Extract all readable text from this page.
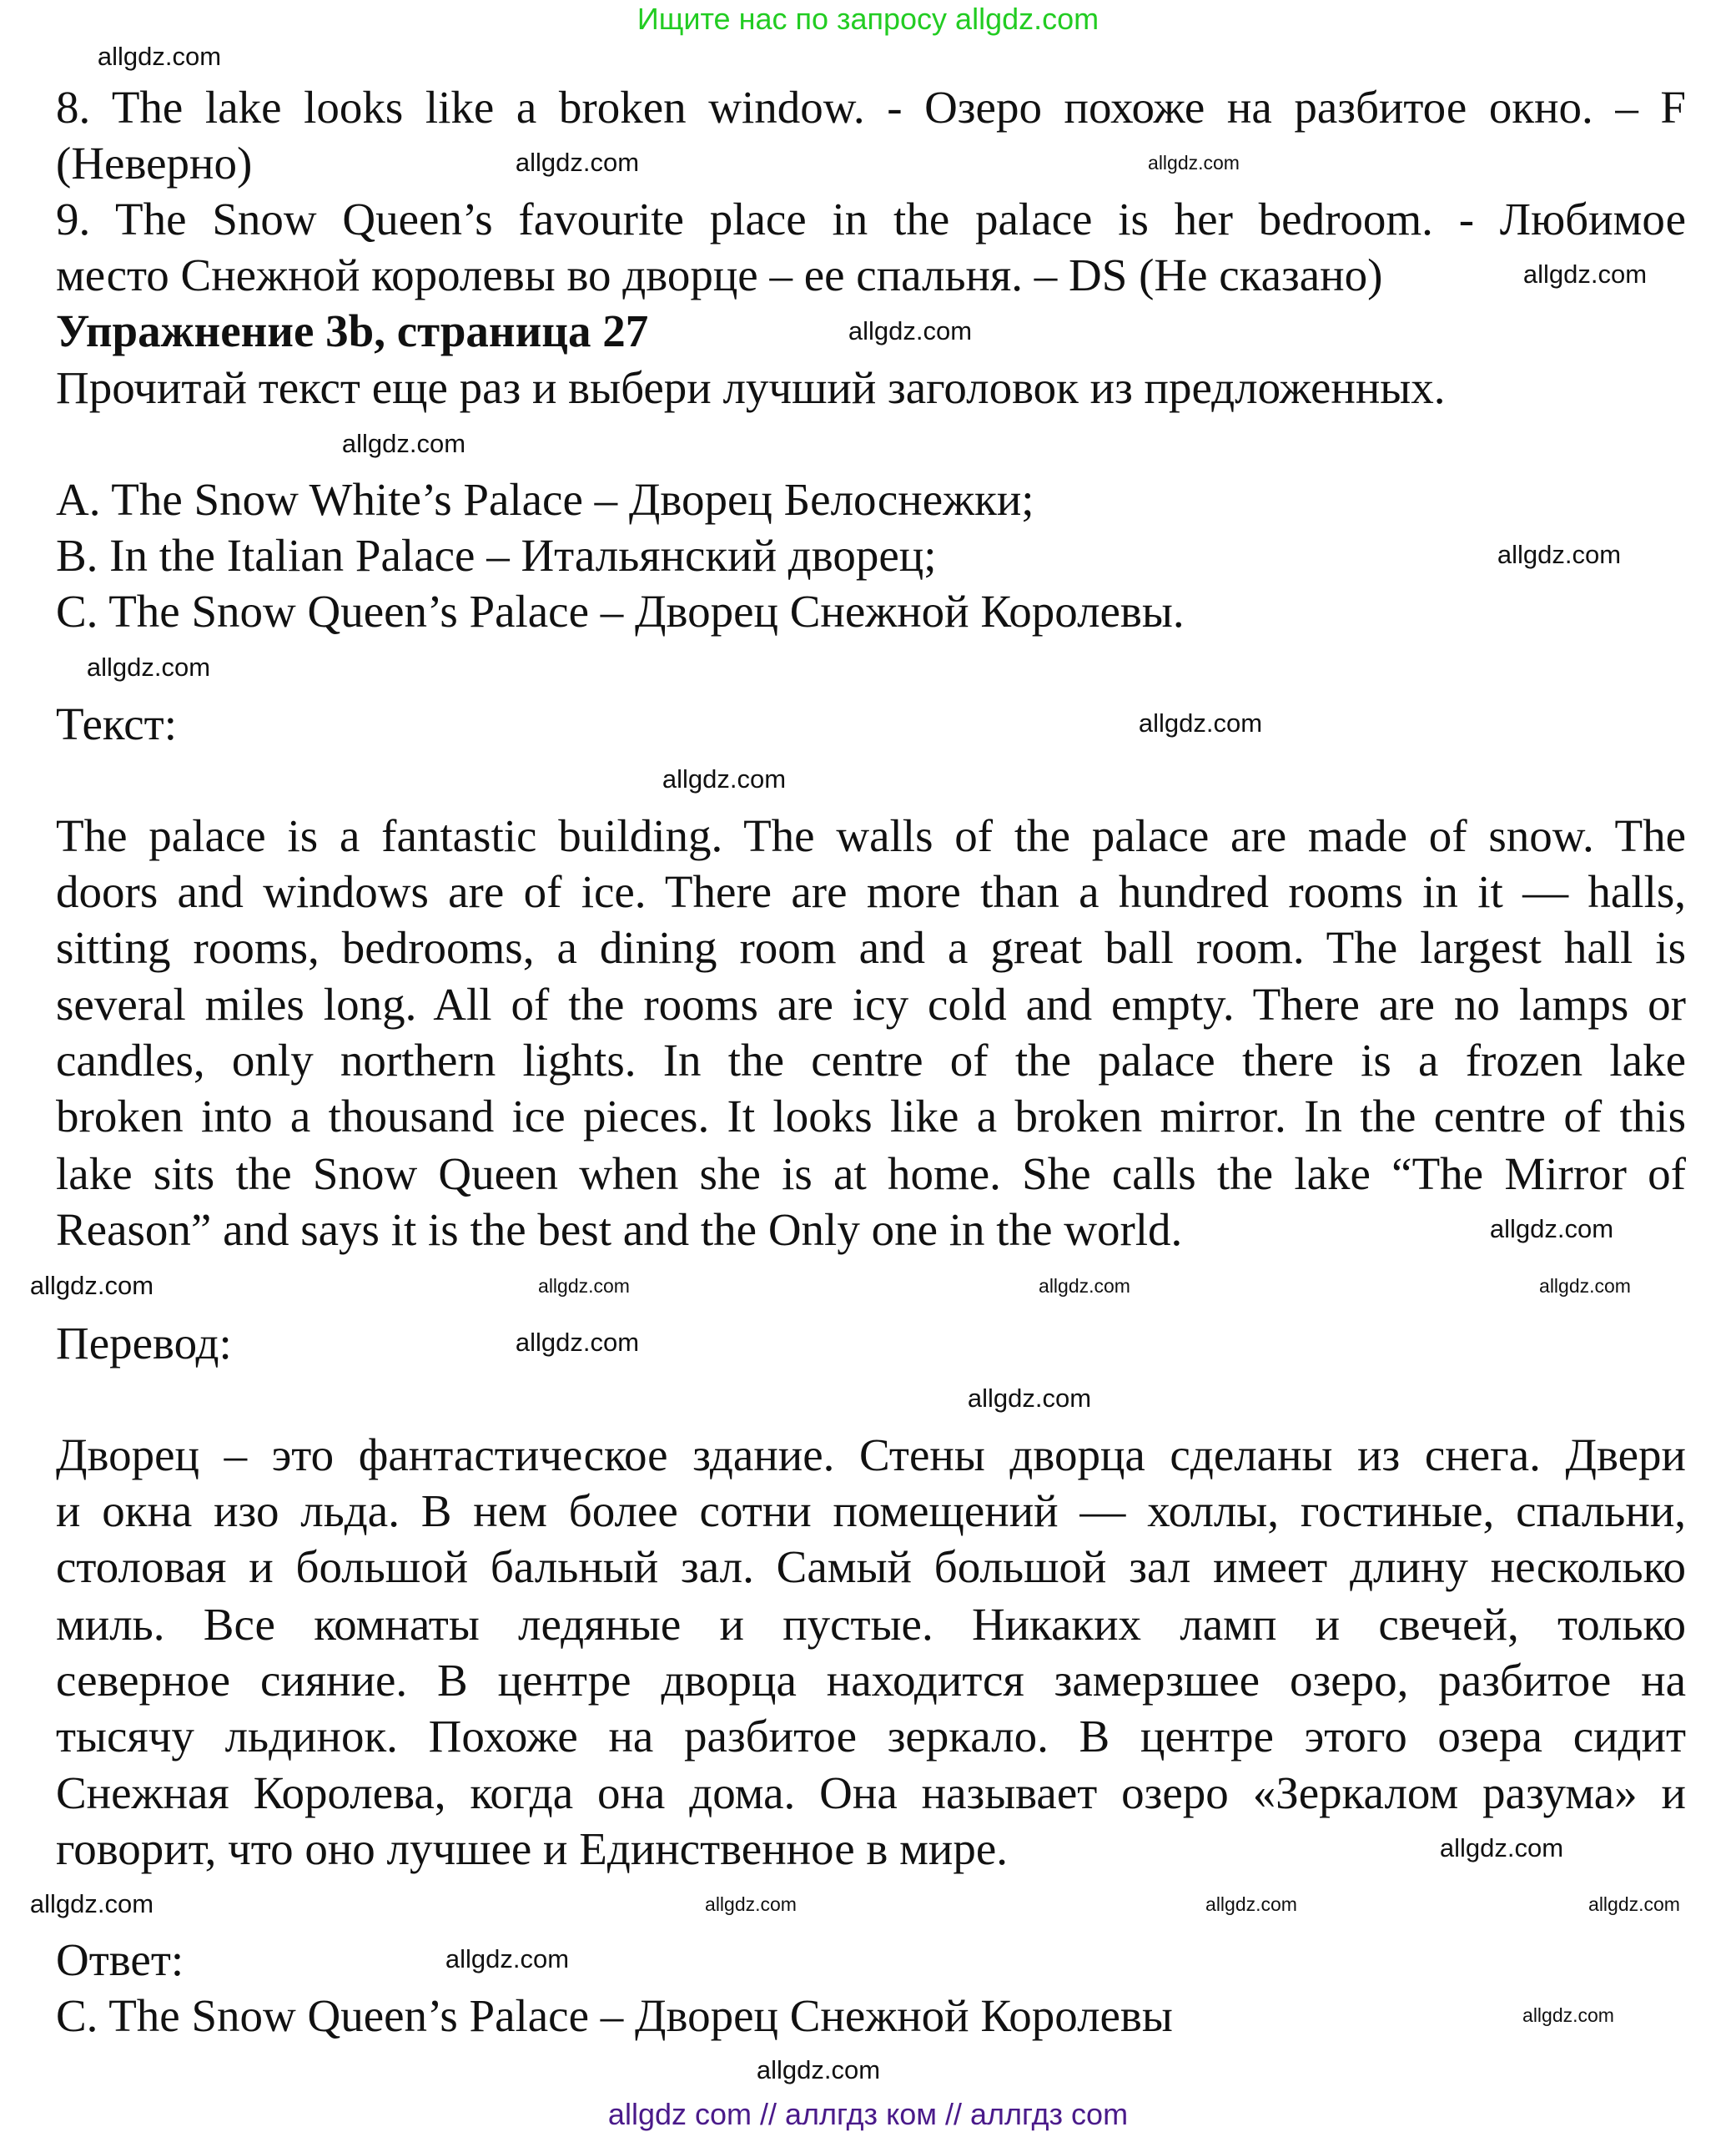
Ищите нас по запросу allgdz.com
8. The lake looks like a broken window. - Озеро похоже на разбитое окно. – F
(Неверно)
9. The Snow Queen’s favourite place in the palace is her bedroom. - Любимое
место Снежной королевы во дворце – ее спальня. – DS (Не сказано)
Упражнение 3b, страница 27
Прочитай текст еще раз и выбери лучший заголовок из предложенных.
A. The Snow White’s Palace – Дворец Белоснежки;
B. In the Italian Palace – Итальянский дворец;
C. The Snow Queen’s Palace – Дворец Снежной Королевы.
Текст:
The palace is a fantastic building. The walls of the palace are made of snow. The
doors and windows are of ice. There are more than a hundred rooms in it — halls,
sitting rooms, bedrooms, a dining room and a great ball room. The largest hall is
several miles long. All of the rooms are icy cold and empty. There are no lamps or
candles, only northern lights. In the centre of the palace there is a frozen lake
broken into a thousand ice pieces. It looks like a broken mirror. In the centre of this
lake sits the Snow Queen when she is at home. She calls the lake “The Mirror of
Reason” and says it is the best and the Only one in the world.
Перевод:
Дворец – это фантастическое здание. Стены дворца сделаны из снега. Двери
и окна изо льда. В нем более сотни помещений — холлы, гостиные, спальни,
столовая и большой бальный зал. Самый большой зал имеет длину несколько
миль. Все комнаты ледяные и пустые. Никаких ламп и свечей, только
северное сияние. В центре дворца находится замерзшее озеро, разбитое на
тысячу льдинок. Похоже на разбитое зеркало. В центре этого озера сидит
Снежная Королева, когда она дома. Она называет озеро «Зеркалом разума» и
говорит, что оно лучшее и Единственное в мире.
Ответ:
C. The Snow Queen’s Palace – Дворец Снежной Королевы
allgdz com // аллгдз ком // аллгдз com
allgdz.com
allgdz.com
allgdz.com
allgdz.com
allgdz.com
allgdz.com
allgdz.com
allgdz.com
allgdz.com
allgdz.com
allgdz.com	allgdz.com	allgdz.com
allgdz.com
allgdz.com
allgdz.com
allgdz.com
allgdz.com	allgdz.com
allgdz.com
allgdz.com
allgdz.com
allgdz.com
allgdz.com
allgdz.com
